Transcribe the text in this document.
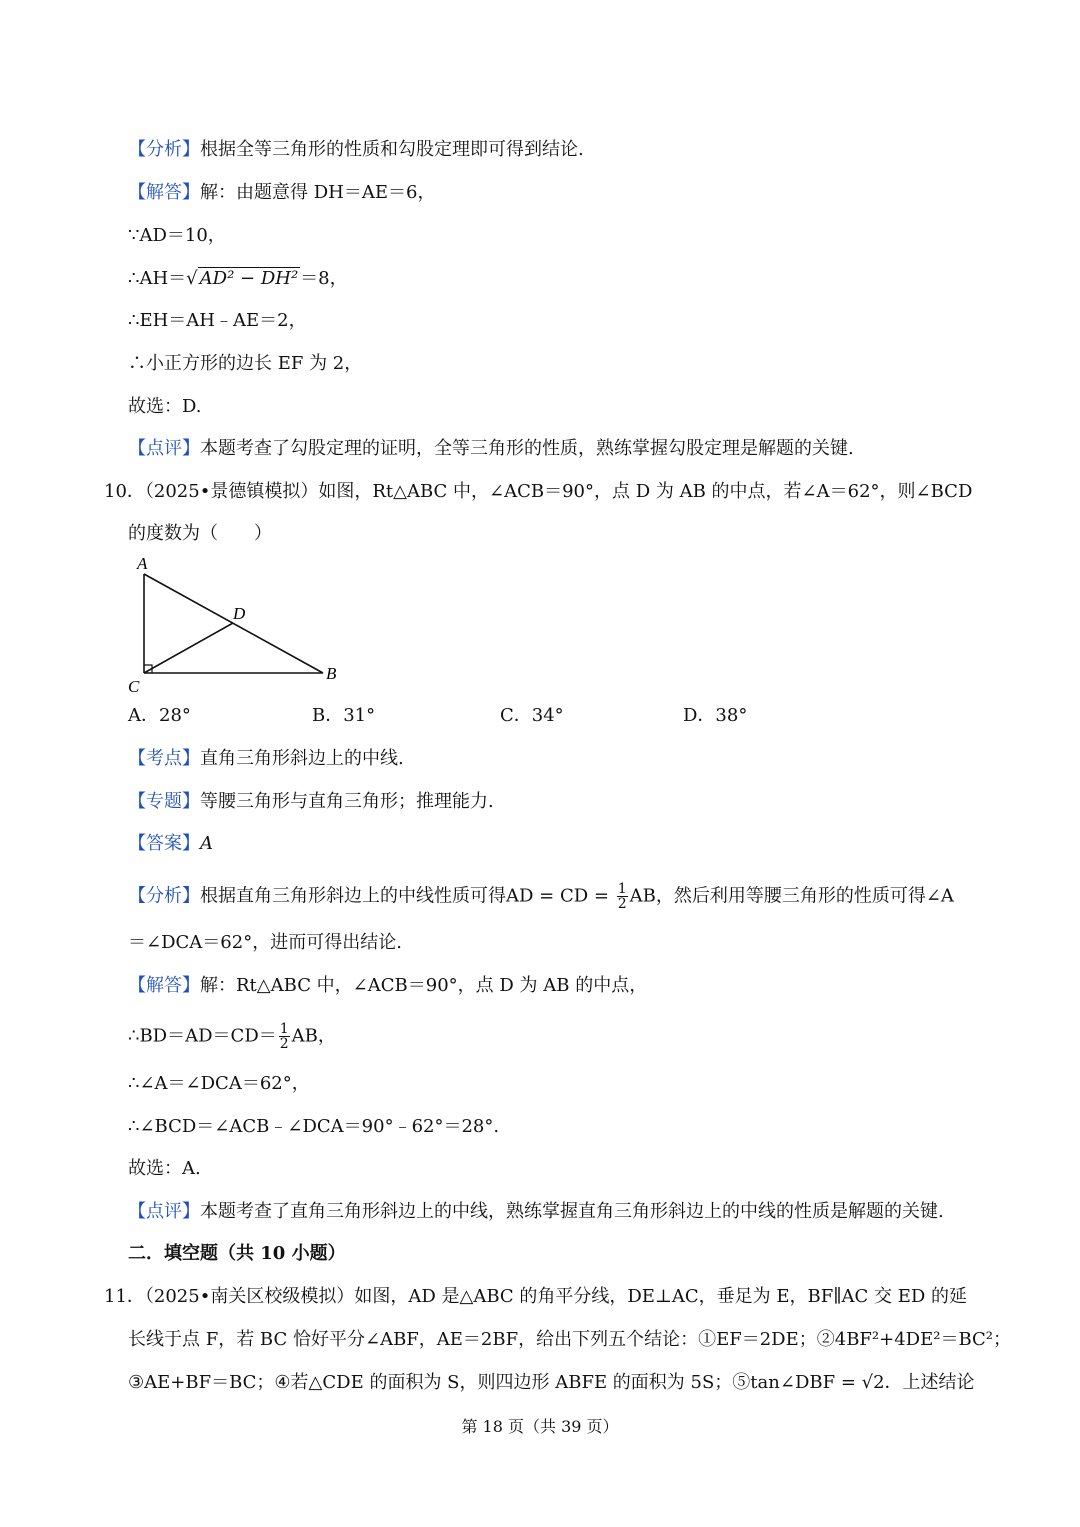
【分析】根据全等三角形的性质和勾股定理即可得到结论.
【解答】解：由题意得 DH＝AE＝6，
∵AD＝10，
∴AH＝√ AD² − DH² ＝8，
∴EH＝AH﹣AE＝2，
∴小正方形的边长 EF 为 2，
故选：D.
【点评】本题考查了勾股定理的证明，全等三角形的性质，熟练掌握勾股定理是解题的关键.
10．（2025•景德镇模拟）如图，Rt△ABC 中，∠ACB＝90°，点 D 为 AB 的中点，若∠A＝62°，则∠BCD
的度数为（　　）
A
B
C
D
A．28°	B．31°	C．34°	D．38°
【考点】直角三角形斜边上的中线.
【专题】等腰三角形与直角三角形；推理能力.
【答案】A
【分析】根据直角三角形斜边上的中线性质可得AD = CD = $\frac{1}{2}$ AB，然后利用等腰三角形的性质可得∠A
＝∠DCA＝62°，进而可得出结论.
【解答】解：Rt△ABC 中，∠ACB＝90°，点 D 为 AB 的中点，
∴BD＝AD＝CD＝ $\frac{1}{2}$ AB，
∴∠A＝∠DCA＝62°，
∴∠BCD＝∠ACB﹣∠DCA＝90°﹣62°＝28°.
故选：A.
【点评】本题考查了直角三角形斜边上的中线，熟练掌握直角三角形斜边上的中线的性质是解题的关键.
二．填空题（共 10 小题）
11．（2025•南关区校级模拟）如图，AD 是△ABC 的角平分线，DE⊥AC，垂足为 E，BF∥AC 交 ED 的延
长线于点 F，若 BC 恰好平分∠ABF，AE＝2BF，给出下列五个结论：①EF＝2DE；②4BF²+4DE²＝BC²；
③AE+BF＝BC；④若△CDE 的面积为 S，则四边形 ABFE 的面积为 5S；⑤tan∠DBF = √2．上述结论
第 18 页（共 39 页）
